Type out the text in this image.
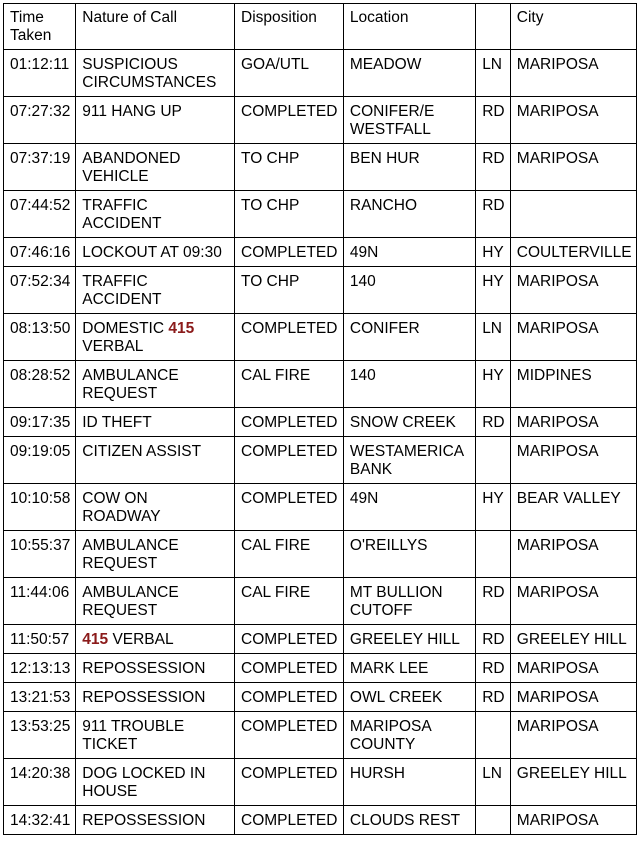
Time Taken	Nature of Call	Disposition	Location		City
01:12:11	SUSPICIOUS CIRCUMSTANCES	GOA/UTL	MEADOW	LN	MARIPOSA
07:27:32	911 HANG UP	COMPLETED	CONIFER/E WESTFALL	RD	MARIPOSA
07:37:19	ABANDONED VEHICLE	TO CHP	BEN HUR	RD	MARIPOSA
07:44:52	TRAFFIC ACCIDENT	TO CHP	RANCHO	RD	
07:46:16	LOCKOUT AT 09:30	COMPLETED	49N	HY	COULTERVILLE
07:52:34	TRAFFIC ACCIDENT	TO CHP	140	HY	MARIPOSA
08:13:50	DOMESTIC 415 VERBAL	COMPLETED	CONIFER	LN	MARIPOSA
08:28:52	AMBULANCE REQUEST	CAL FIRE	140	HY	MIDPINES
09:17:35	ID THEFT	COMPLETED	SNOW CREEK	RD	MARIPOSA
09:19:05	CITIZEN ASSIST	COMPLETED	WESTAMERICA BANK		MARIPOSA
10:10:58	COW ON ROADWAY	COMPLETED	49N	HY	BEAR VALLEY
10:55:37	AMBULANCE REQUEST	CAL FIRE	O'REILLYS		MARIPOSA
11:44:06	AMBULANCE REQUEST	CAL FIRE	MT BULLION CUTOFF	RD	MARIPOSA
11:50:57	415 VERBAL	COMPLETED	GREELEY HILL	RD	GREELEY HILL
12:13:13	REPOSSESSION	COMPLETED	MARK LEE	RD	MARIPOSA
13:21:53	REPOSSESSION	COMPLETED	OWL CREEK	RD	MARIPOSA
13:53:25	911 TROUBLE TICKET	COMPLETED	MARIPOSA COUNTY		MARIPOSA
14:20:38	DOG LOCKED IN HOUSE	COMPLETED	HURSH	LN	GREELEY HILL
14:32:41	REPOSSESSION	COMPLETED	CLOUDS REST		MARIPOSA
